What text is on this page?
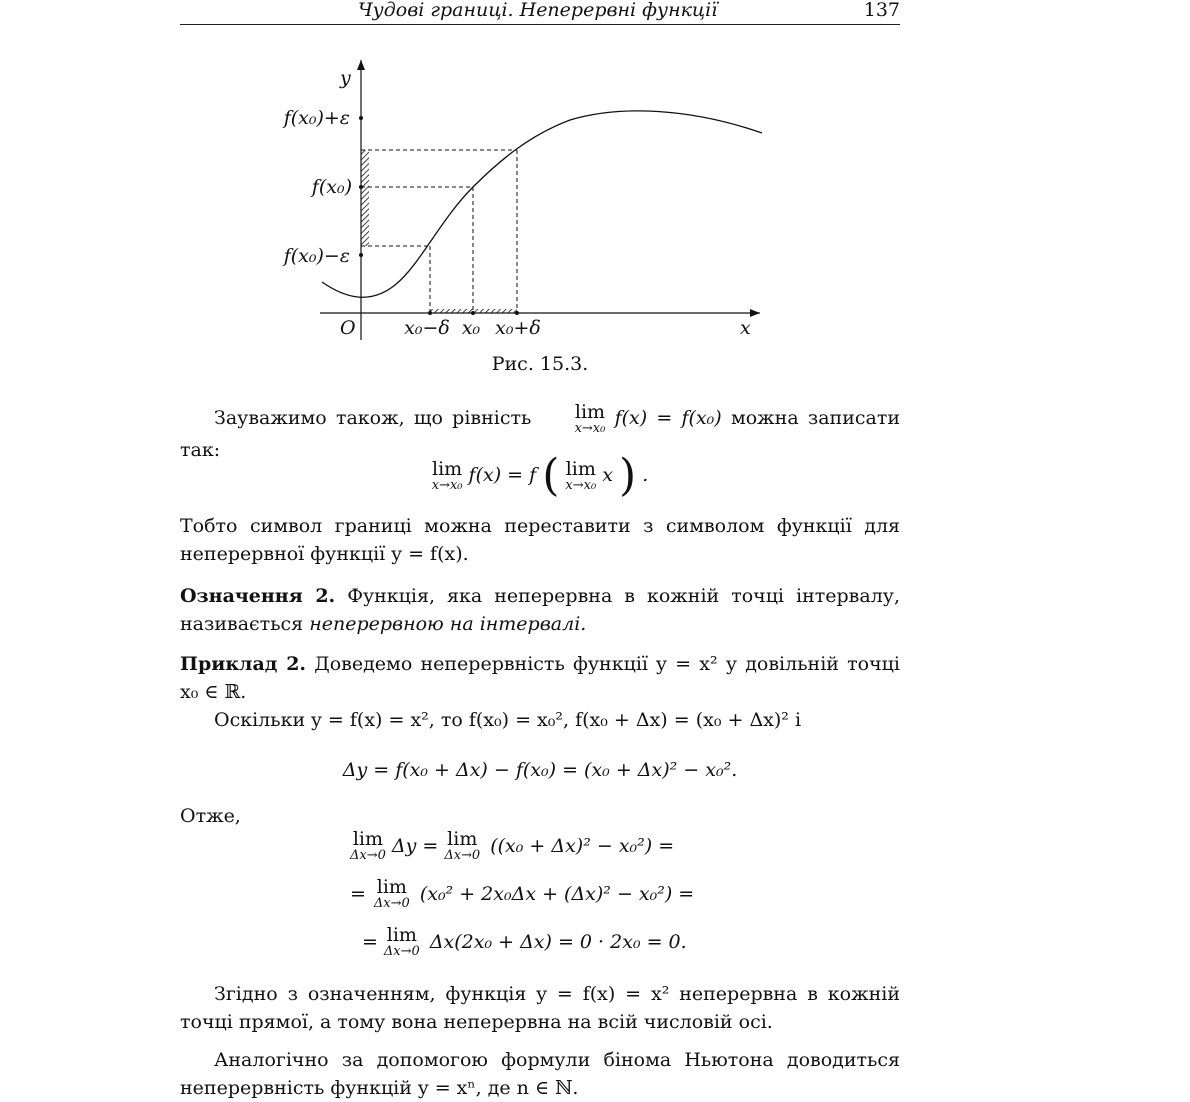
Чудові границі. Неперервні функції	137
y
x
O
f(x₀)+ε
f(x₀)
f(x₀)−ε
x₀−δ x₀ x₀+δ
Рис. 15.3.
Зауважимо також, що рівність	lim
x→x₀ f(x) = f(x₀) можна записати так:
lim
x→x₀ f(x) = f ( lim
x→x₀ x ) .
Тобто символ границі можна переставити з символом функції для неперервної функції y = f(x).
Означення 2. Функція, яка неперервна в кожній точці інтервалу, називається неперервною на інтервалі.
Приклад 2. Доведемо неперервність функції y = x² у довільній точці x₀ ∈ ℝ.
Оскільки y = f(x) = x², то f(x₀) = x₀², f(x₀ + Δx) = (x₀ + Δx)² і
Δy = f(x₀ + Δx) − f(x₀) = (x₀ + Δx)² − x₀².
Отже,
lim
Δx→0 Δy = lim
Δx→0 ((x₀ + Δx)² − x₀²) =
= lim
Δx→0 (x₀² + 2x₀Δx + (Δx)² − x₀²) =
= lim
Δx→0 Δx(2x₀ + Δx) = 0 · 2x₀ = 0.
Згідно з означенням, функція y = f(x) = x² неперервна в кожній точці прямої, а тому вона неперервна на всій числовій осі.
Аналогічно за допомогою формули бінома Ньютона доводиться неперервність функцій y = xⁿ, де n ∈ ℕ.
